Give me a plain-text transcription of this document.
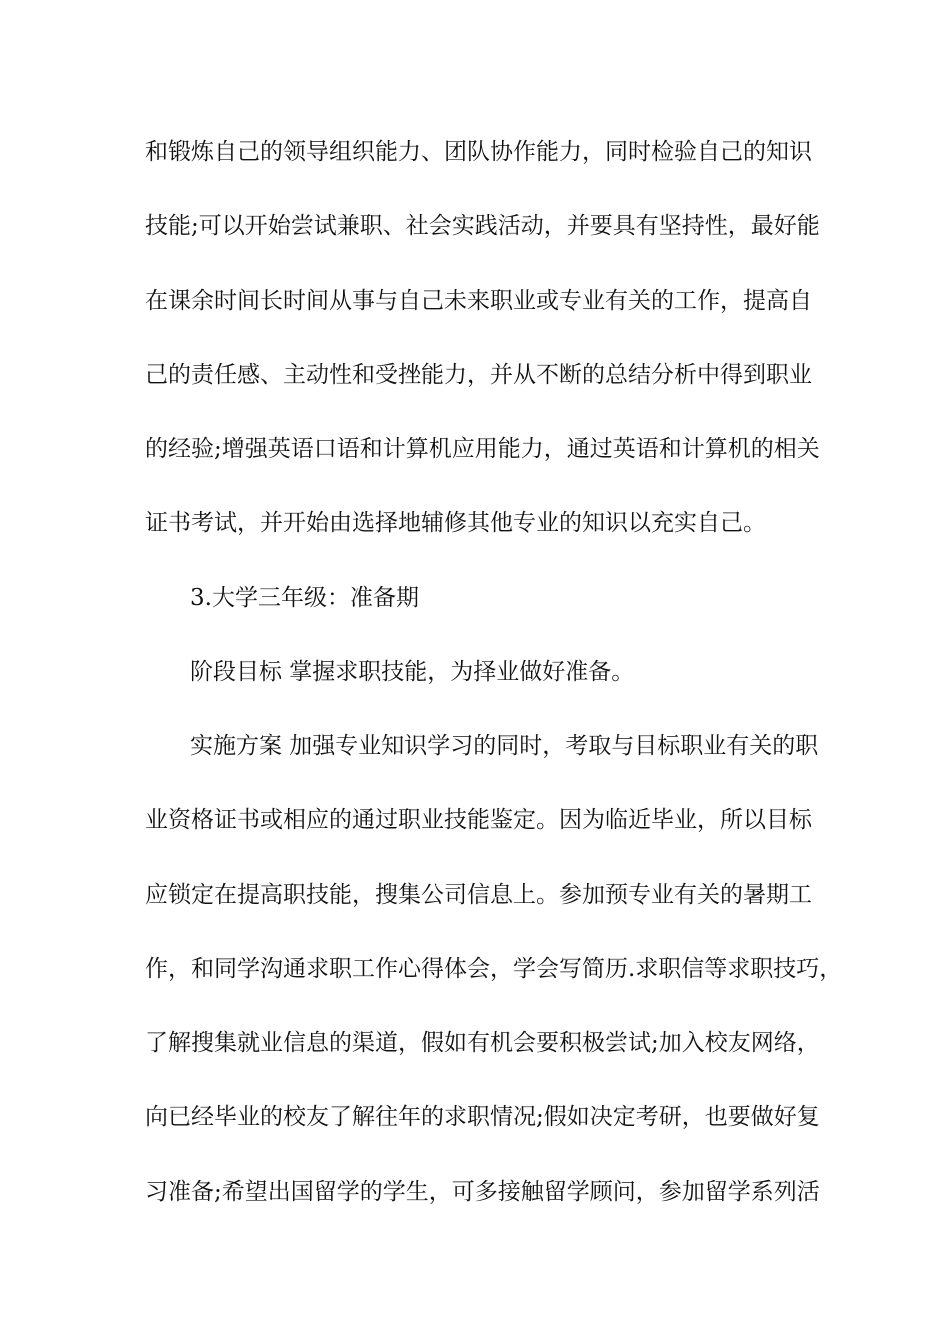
和锻炼自己的领导组织能力、团队协作能力，同时检验自己的知识
技能;可以开始尝试兼职、社会实践活动，并要具有坚持性，最好能
在课余时间长时间从事与自己未来职业或专业有关的工作，提高自
己的责任感、主动性和受挫能力，并从不断的总结分析中得到职业
的经验;增强英语口语和计算机应用能力，通过英语和计算机的相关
证书考试，并开始由选择地辅修其他专业的知识以充实自己。
3.大学三年级：准备期
阶段目标 掌握求职技能，为择业做好准备。
实施方案 加强专业知识学习的同时，考取与目标职业有关的职
业资格证书或相应的通过职业技能鉴定。因为临近毕业，所以目标
应锁定在提高职技能，搜集公司信息上。参加预专业有关的暑期工
作，和同学沟通求职工作心得体会，学会写简历.求职信等求职技巧，
了解搜集就业信息的渠道，假如有机会要积极尝试;加入校友网络，
向已经毕业的校友了解往年的求职情况;假如决定考研，也要做好复
习准备;希望出国留学的学生，可多接触留学顾问，参加留学系列活
